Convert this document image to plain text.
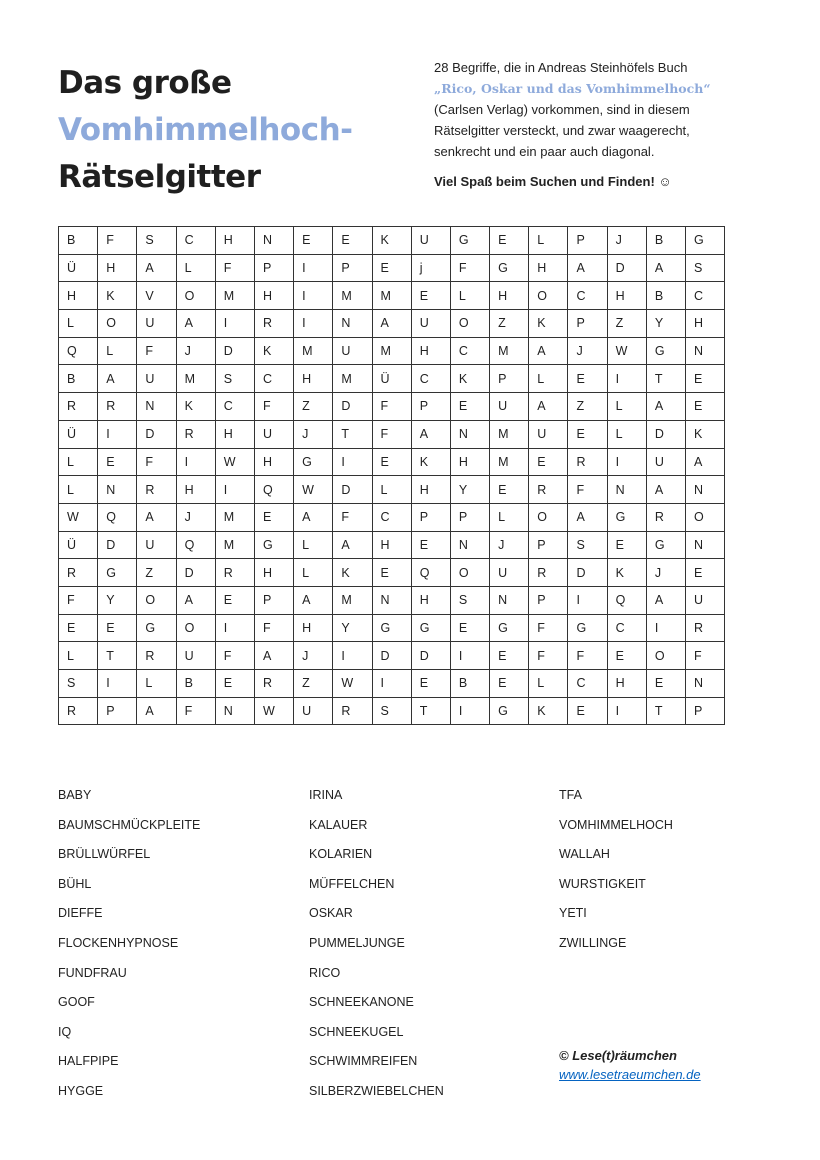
Das große
Vomhimmelhoch-
Rätselgitter
28 Begriffe, die in Andreas Steinhöfels Buch
„Rico, Oskar und das Vomhimmelhoch“
(Carlsen Verlag) vorkommen, sind in diesem
Rätselgitter versteckt, und zwar waagerecht,
senkrecht und ein paar auch diagonal.
Viel Spaß beim Suchen und Finden! ☺
B	F	S	C	H	N	E	E	K	U	G	E	L	P	J	B	G
Ü	H	A	L	F	P	I	P	E	j	F	G	H	A	D	A	S
H	K	V	O	M	H	I	M	M	E	L	H	O	C	H	B	C
L	O	U	A	I	R	I	N	A	U	O	Z	K	P	Z	Y	H
Q	L	F	J	D	K	M	U	M	H	C	M	A	J	W	G	N
B	A	U	M	S	C	H	M	Ü	C	K	P	L	E	I	T	E
R	R	N	K	C	F	Z	D	F	P	E	U	A	Z	L	A	E
Ü	I	D	R	H	U	J	T	F	A	N	M	U	E	L	D	K
L	E	F	I	W	H	G	I	E	K	H	M	E	R	I	U	A
L	N	R	H	I	Q	W	D	L	H	Y	E	R	F	N	A	N
W	Q	A	J	M	E	A	F	C	P	P	L	O	A	G	R	O
Ü	D	U	Q	M	G	L	A	H	E	N	J	P	S	E	G	N
R	G	Z	D	R	H	L	K	E	Q	O	U	R	D	K	J	E
F	Y	O	A	E	P	A	M	N	H	S	N	P	I	Q	A	U
E	E	G	O	I	F	H	Y	G	G	E	G	F	G	C	I	R
L	T	R	U	F	A	J	I	D	D	I	E	F	F	E	O	F
S	I	L	B	E	R	Z	W	I	E	B	E	L	C	H	E	N
R	P	A	F	N	W	U	R	S	T	I	G	K	E	I	T	P
BABY
BAUMSCHMÜCKPLEITE
BRÜLLWÜRFEL
BÜHL
DIEFFE
FLOCKENHYPNOSE
FUNDFRAU
GOOF
IQ
HALFPIPE
HYGGE
IRINA
KALAUER
KOLARIEN
MÜFFELCHEN
OSKAR
PUMMELJUNGE
RICO
SCHNEEKANONE
SCHNEEKUGEL
SCHWIMMREIFEN
SILBERZWIEBELCHEN
TFA
VOMHIMMELHOCH
WALLAH
WURSTIGKEIT
YETI
ZWILLINGE
© Lese(t)räumchen
www.lesetraeumchen.de
